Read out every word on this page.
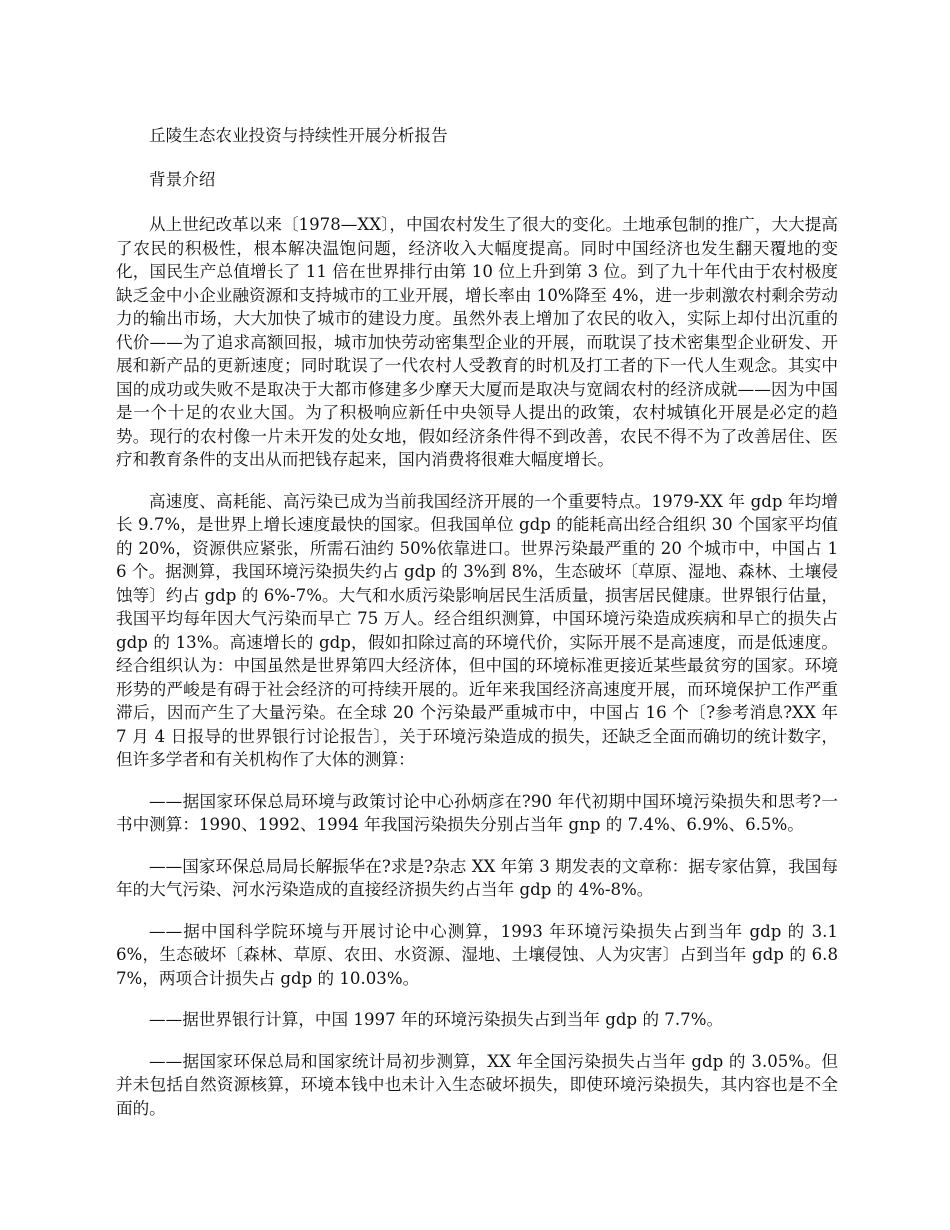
丘陵生态农业投资与持续性开展分析报告

背景介绍

从上世纪改革以来〔1978—XX〕，中国农村发生了很大的变化。土地承包制的推广，大大提高了农民的积极性，根本解决温饱问题，经济收入大幅度提高。同时中国经济也发生翻天覆地的变化，国民生产总值增长了 11 倍在世界排行由第 10 位上升到第 3 位。到了九十年代由于农村极度缺乏金中小企业融资源和支持城市的工业开展，增长率由 10%降至 4%，进一步刺激农村剩余劳动力的输出市场，大大加快了城市的建设力度。虽然外表上增加了农民的收入，实际上却付出沉重的代价——为了追求高额回报，城市加快劳动密集型企业的开展，而耽误了技术密集型企业研发、开展和新产品的更新速度；同时耽误了一代农村人受教育的时机及打工者的下一代人生观念。其实中国的成功或失败不是取决于大都市修建多少摩天大厦而是取决与宽阔农村的经济成就——因为中国 是一个十足的农业大国。为了积极响应新任中央领导人提出的政策，农村城镇化开展是必定的趋势。现行的农村像一片未开发的处女地，假如经济条件得不到改善，农民不得不为了改善居住、医疗和教育条件的支出从而把钱存起来，国内消费将很难大幅度增长。

高速度、高耗能、高污染已成为当前我国经济开展的一个重要特点。1979-XX 年 gdp 年均增长 9.7%，是世界上增长速度最快的国家。但我国单位 gdp 的能耗高出经合组织 30 个国家平均值的 20%，资源供应紧张，所需石油约 50%依靠进口。世界污染最严重的 20 个城市中，中国占 16 个。据测算，我国环境污染损失约占 gdp 的 3%到 8%，生态破坏〔草原、湿地、森林、土壤侵蚀等〕约占 gdp 的 6%-7%。大气和水质污染影响居民生活质量，损害居民健康。世界银行估量，我国平均每年因大气污染而早亡 75 万人。经合组织测算，中国环境污染造成疾病和早亡的损失占 gdp 的 13%。高速增长的 gdp，假如扣除过高的环境代价，实际开展不是高速度，而是低速度。经合组织认为：中国虽然是世界第四大经济体，但中国的环境标准更接近某些最贫穷的国家。环境形势的严峻是有碍于社会经济的可持续开展的。近年来我国经济高速度开展，而环境保护工作严重滞后，因而产生了大量污染。在全球 20 个污染最严重城市中，中国占 16 个〔?参考消息?XX 年 7 月 4 日报导的世界银行讨论报告〕，关于环境污染造成的损失，还缺乏全面而确切的统计数字，但许多学者和有关机构作了大体的测算：

——据国家环保总局环境与政策讨论中心孙炳彦在?90 年代初期中国环境污染损失和思考?一书中测算：1990、1992、1994 年我国污染损失分别占当年 gnp 的 7.4%、6.9%、6.5%。

——国家环保总局局长解振华在?求是?杂志 XX 年第 3 期发表的文章称：据专家估算，我国每年的大气污染、河水污染造成的直接经济损失约占当年 gdp 的 4%-8%。

——据中国科学院环境与开展讨论中心测算，1993 年环境污染损失占到当年 gdp 的 3.16%，生态破坏〔森林、草原、农田、水资源、湿地、土壤侵蚀、人为灾害〕占到当年 gdp 的 6.87%，两项合计损失占 gdp 的 10.03%。

——据世界银行计算，中国 1997 年的环境污染损失占到当年 gdp 的 7.7%。

——据国家环保总局和国家统计局初步测算，XX 年全国污染损失占当年 gdp 的 3.05%。但并未包括自然资源核算，环境本钱中也未计入生态破坏损失，即使环境污染损失，其内容也是不全面的。
